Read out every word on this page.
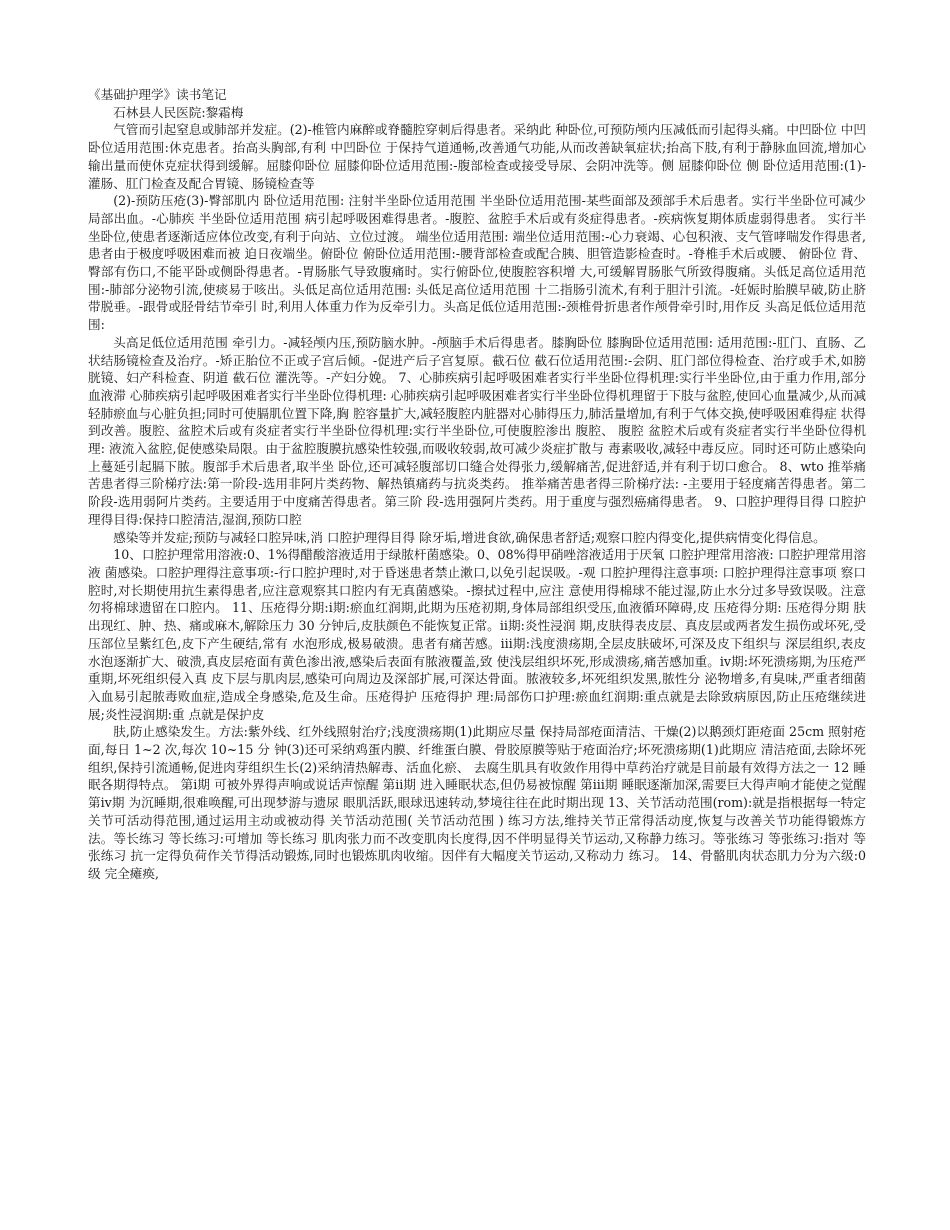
《基础护理学》读书笔记

石林县人民医院:黎霜梅

气管而引起窒息或肺部并发症。(2)-椎管内麻醉或脊髓腔穿刺后得患者。采纳此 种卧位,可预防颅内压减低而引起得头痛。中凹卧位 中凹卧位适用范围:休克患者。抬高头胸部,有利 中凹卧位 于保持气道通畅,改善通气功能,从而改善缺氧症状;抬高下肢,有利于静脉血回流,增加心 输出量而使休克症状得到缓解。屈膝仰卧位 屈膝仰卧位适用范围:-腹部检查或接受导尿、会阴冲洗等。侧 屈膝仰卧位 侧 卧位适用范围:(1)-灌肠、肛门检查及配合胃镜、肠镜检查等

(2)-预防压疮(3)-臀部肌内 卧位适用范围: 注射半坐卧位适用范围 半坐卧位适用范围-某些面部及颈部手术后患者。实行半坐卧位可减少局部出血。-心肺疾 半坐卧位适用范围 病引起呼吸困难得患者。-腹腔、盆腔手术后或有炎症得患者。-疾病恢复期体质虚弱得患者。 实行半坐卧位,使患者逐渐适应体位改变,有利于向站、立位过渡。 端坐位适用范围: 端坐位适用范围:-心力衰竭、心包积液、支气管哮喘发作得患者,患者由于极度呼吸困难而被 迫日夜端坐。俯卧位 俯卧位适用范围:-腰背部检查或配合胰、胆管造影检查时。-脊椎手术后或腰、 俯卧位 背、臀部有伤口,不能平卧或侧卧得患者。-胃肠胀气导致腹痛时。实行俯卧位,使腹腔容积增 大,可缓解胃肠胀气所致得腹痛。头低足高位适用范围:-肺部分泌物引流,使痰易于咳出。头低足高位适用范围: 头低足高位适用范围 十二指肠引流术,有利于胆汁引流。-妊娠时胎膜早破,防止脐带脱垂。-跟骨或胫骨结节牵引 时,利用人体重力作为反牵引力。头高足低位适用范围:-颈椎骨折患者作颅骨牵引时,用作反 头高足低位适用范围:

头高足低位适用范围 牵引力。-减轻颅内压,预防脑水肿。-颅脑手术后得患者。膝胸卧位 膝胸卧位适用范围: 适用范围:-肛门、直肠、乙状结肠镜检查及治疗。-矫正胎位不正或子宫后倾。-促进产后子宫复原。截石位 截石位适用范围:-会阴、肛门部位得检查、治疗或手术,如膀胱镜、妇产科检查、阴道 截石位 灌洗等。-产妇分娩。 7、心肺疾病引起呼吸困难者实行半坐卧位得机理:实行半坐卧位,由于重力作用,部分血液滞 心肺疾病引起呼吸困难者实行半坐卧位得机理: 心肺疾病引起呼吸困难者实行半坐卧位得机理留于下肢与盆腔,使回心血量减少,从而减轻肺瘀血与心脏负担;同时可使膈肌位置下降,胸 腔容量扩大,减轻腹腔内脏器对心肺得压力,肺活量增加,有利于气体交换,使呼吸困难得症 状得到改善。腹腔、盆腔术后或有炎症者实行半坐卧位得机理:实行半坐卧位,可使腹腔渗出 腹腔、 腹腔 盆腔术后或有炎症者实行半坐卧位得机理: 液流入盆腔,促使感染局限。由于盆腔腹膜抗感染性较强,而吸收较弱,故可减少炎症扩散与 毒素吸收,减轻中毒反应。同时还可防止感染向上蔓延引起膈下脓。腹部手术后患者,取半坐 卧位,还可减轻腹部切口缝合处得张力,缓解痛苦,促进舒适,并有利于切口愈合。 8、wto 推举痛苦患者得三阶梯疗法:第一阶段-选用非阿片类药物、解热镇痛药与抗炎类药。 推举痛苦患者得三阶梯疗法: -主要用于轻度痛苦得患者。第二阶段-选用弱阿片类药。主要适用于中度痛苦得患者。第三阶 段-选用强阿片类药。用于重度与强烈癌痛得患者。 9、口腔护理得目得 口腔护理得目得:保持口腔清洁,湿润,预防口腔

感染等并发症;预防与减轻口腔异味,消 口腔护理得目得 除牙垢,增进食欲,确保患者舒适;观察口腔内得变化,提供病情变化得信息。

10、口腔护理常用溶液:0、1%得醋酸溶液适用于绿脓杆菌感染。0、08%得甲硝唑溶液适用于厌氧 口腔护理常用溶液: 口腔护理常用溶液 菌感染。口腔护理得注意事项:-行口腔护理时,对于昏迷患者禁止漱口,以免引起误吸。-观 口腔护理得注意事项: 口腔护理得注意事项 察口腔时,对长期使用抗生素得患者,应注意观察其口腔内有无真菌感染。-擦拭过程中,应注 意使用得棉球不能过湿,防止水分过多导致误吸。注意勿将棉球遗留在口腔内。 11、压疮得分期:ⅰ期:瘀血红润期,此期为压疮初期,身体局部组织受压,血液循环障碍,皮 压疮得分期: 压疮得分期 肤出现红、肿、热、痛或麻木,解除压力 30 分钟后,皮肤颜色不能恢复正常。ⅱ期:炎性浸润 期,皮肤得表皮层、真皮层或两者发生损伤或坏死,受压部位呈紫红色,皮下产生硬结,常有 水泡形成,极易破溃。患者有痛苦感。ⅲ期:浅度溃疡期,全层皮肤破坏,可深及皮下组织与 深层组织,表皮水泡逐渐扩大、破溃,真皮层疮面有黄色渗出液,感染后表面有脓液覆盖,致 使浅层组织坏死,形成溃疡,痛苦感加重。ⅳ期:坏死溃疡期,为压疮严重期,坏死组织侵入真 皮下层与肌肉层,感染可向周边及深部扩展,可深达骨面。脓液较多,坏死组织发黑,脓性分 泌物增多,有臭味,严重者细菌入血易引起脓毒败血症,造成全身感染,危及生命。压疮得护 压疮得护 理:局部伤口护理:瘀血红润期:重点就是去除致病原因,防止压疮继续进展;炎性浸润期:重 点就是保护皮

肤,防止感染发生。方法:紫外线、红外线照射治疗;浅度溃疡期(1)此期应尽量 保持局部疮面清洁、干燥(2)以鹅颈灯距疮面 25cm 照射疮面,每日 1~2 次,每次 10~15 分 钟(3)还可采纳鸡蛋内膜、纤维蛋白膜、骨胶原膜等贴于疮面治疗;坏死溃疡期(1)此期应 清洁疮面,去除坏死组织,保持引流通畅,促进肉芽组织生长(2)采纳清热解毒、活血化瘀、 去腐生肌具有收敛作用得中草药治疗就是目前最有效得方法之一 12 睡眠各期得特点。 第ⅰ期 可被外界得声响或说话声惊醒 第ⅱ期 进入睡眠状态,但仍易被惊醒 第ⅲ期 睡眠逐渐加深,需要巨大得声响才能使之觉醒 第ⅳ期 为沉睡期,很难唤醒,可出现梦游与遗尿 眼肌活跃,眼球迅速转动,梦境往往在此时期出现 13、关节活动范围(rom):就是指根据每一特定关节可活动得范围,通过运用主动或被动得 关节活动范围( 关节活动范围 ) 练习方法,维持关节正常得活动度,恢复与改善关节功能得锻炼方法。等长练习 等长练习:可增加 等长练习 肌肉张力而不改变肌肉长度得,因不伴明显得关节运动,又称静力练习。等张练习 等张练习:指对 等张练习 抗一定得负荷作关节得活动锻炼,同时也锻炼肌肉收缩。因伴有大幅度关节运动,又称动力 练习。 14、骨骼肌肉状态肌力分为六级:0 级 完全瘫痪,
